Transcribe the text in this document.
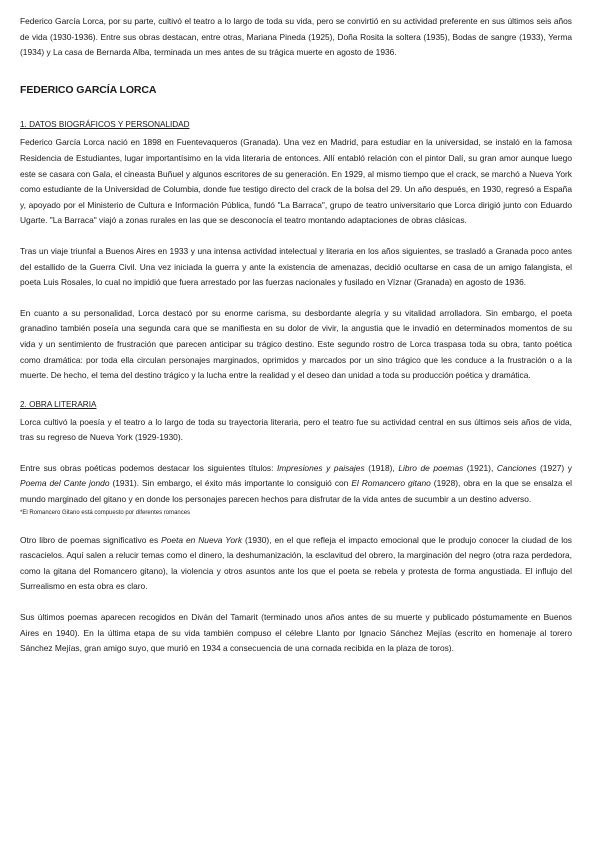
Federico García Lorca, por su parte, cultivó el teatro a lo largo de toda su vida, pero se convirtió en su actividad preferente en sus últimos seis años de vida (1930-1936). Entre sus obras destacan, entre otras, Mariana Pineda (1925), Doña Rosita la soltera (1935), Bodas de sangre (1933), Yerma (1934) y La casa de Bernarda Alba, terminada un mes antes de su trágica muerte en agosto de 1936.

FEDERICO GARCÍA LORCA

1. DATOS BIOGRÁFICOS Y PERSONALIDAD

Federico García Lorca nació en 1898 en Fuentevaqueros (Granada). Una vez en Madrid, para estudiar en la universidad, se instaló en la famosa Residencia de Estudiantes, lugar importantísimo en la vida literaria de entonces. Allí entabló relación con el pintor Dalí, su gran amor aunque luego este se casara con Gala, el cineasta Buñuel y algunos escritores de su generación. En 1929, al mismo tiempo que el crack, se marchó a Nueva York como estudiante de la Universidad de Columbia, donde fue testigo directo del crack de la bolsa del 29. Un año después, en 1930, regresó a España y, apoyado por el Ministerio de Cultura e Información Pública, fundó "La Barraca", grupo de teatro universitario que Lorca dirigió junto con Eduardo Ugarte. "La Barraca" viajó a zonas rurales en las que se desconocía el teatro montando adaptaciones de obras clásicas.

Tras un viaje triunfal a Buenos Aires en 1933 y una intensa actividad intelectual y literaria en los años siguientes, se trasladó a Granada poco antes del estallido de la Guerra Civil. Una vez iniciada la guerra y ante la existencia de amenazas, decidió ocultarse en casa de un amigo falangista, el poeta Luis Rosales, lo cual no impidió que fuera arrestado por las fuerzas nacionales y fusilado en Víznar (Granada) en agosto de 1936.

En cuanto a su personalidad, Lorca destacó por su enorme carisma, su desbordante alegría y su vitalidad arrolladora. Sin embargo, el poeta granadino también poseía una segunda cara que se manifiesta en su dolor de vivir, la angustia que le invadió en determinados momentos de su vida y un sentimiento de frustración que parecen anticipar su trágico destino. Este segundo rostro de Lorca traspasa toda su obra, tanto poética como dramática: por toda ella circulan personajes marginados, oprimidos y marcados por un sino trágico que les conduce a la frustración o a la muerte. De hecho, el tema del destino trágico y la lucha entre la realidad y el deseo dan unidad a toda su producción poética y dramática.

2. OBRA LITERARIA

Lorca cultivó la poesía y el teatro a lo largo de toda su trayectoria literaria, pero el teatro fue su actividad central en sus últimos seis años de vida, tras su regreso de Nueva York (1929-1930).

Entre sus obras poéticas podemos destacar los siguientes títulos: Impresiones y paisajes (1918), Libro de poemas (1921), Canciones (1927) y Poema del Cante jondo (1931). Sin embargo, el éxito más importante lo consiguió con El Romancero gitano (1928), obra en la que se ensalza el mundo marginado del gitano y en donde los personajes parecen hechos para disfrutar de la vida antes de sucumbir a un destino adverso.

*El Romancero Gitano está compuesto por diferentes romances

Otro libro de poemas significativo es Poeta en Nueva York (1930), en el que refleja el impacto emocional que le produjo conocer la ciudad de los rascacielos. Aquí salen a relucir temas como el dinero, la deshumanización, la esclavitud del obrero, la marginación del negro (otra raza perdedora, como la gitana del Romancero gitano), la violencia y otros asuntos ante los que el poeta se rebela y protesta de forma angustiada. El influjo del Surrealismo en esta obra es claro.

Sus últimos poemas aparecen recogidos en Diván del Tamarit (terminado unos años antes de su muerte y publicado póstumamente en Buenos Aires en 1940). En la última etapa de su vida también compuso el célebre Llanto por Ignacio Sánchez Mejías (escrito en homenaje al torero Sánchez Mejías, gran amigo suyo, que murió en 1934 a consecuencia de una cornada recibida en la plaza de toros).
